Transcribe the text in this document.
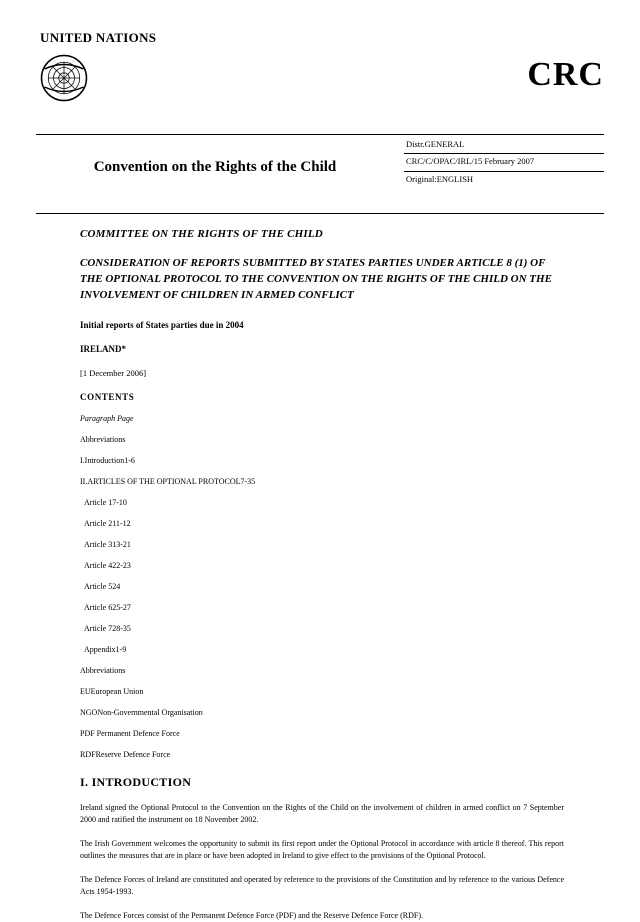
UNITED NATIONS
CRC
Convention on the Rights of the Child
Distr.GENERAL
CRC/C/OPAC/IRL/15 February 2007
Original:ENGLISH
COMMITTEE ON THE RIGHTS OF THE CHILD
CONSIDERATION OF REPORTS SUBMITTED BY STATES PARTIES UNDER ARTICLE 8 (1) OF THE OPTIONAL PROTOCOL TO THE CONVENTION ON THE RIGHTS OF THE CHILD ON THE INVOLVEMENT OF CHILDREN IN ARMED CONFLICT
Initial reports of States parties due in 2004
IRELAND*
[1 December 2006]
CONTENTS
Paragraph Page
Abbreviations
I.Introduction1-6
II.ARTICLES OF THE OPTIONAL PROTOCOL7-35
Article 17-10
Article 211-12
Article 313-21
Article 422-23
Article 524
Article 625-27
Article 728-35
Appendix1-9
Abbreviations
EUEuropean Union
NGONon-Governmental Organisation
PDF Permanent Defence Force
RDFReserve Defence Force
I. INTRODUCTION
Ireland signed the Optional Protocol to the Convention on the Rights of the Child on the involvement of children in armed conflict on 7 September 2000 and ratified the instrument on 18 November 2002.
The Irish Government welcomes the opportunity to submit its first report under the Optional Protocol in accordance with article 8 thereof. This report outlines the measures that are in place or have been adopted in Ireland to give effect to the provisions of the Optional Protocol.
The Defence Forces of Ireland are constituted and operated by reference to the provisions of the Constitution and by reference to the various Defence Acts 1954-1993.
The Defence Forces consist of the Permanent Defence Force (PDF) and the Reserve Defence Force (RDF).
